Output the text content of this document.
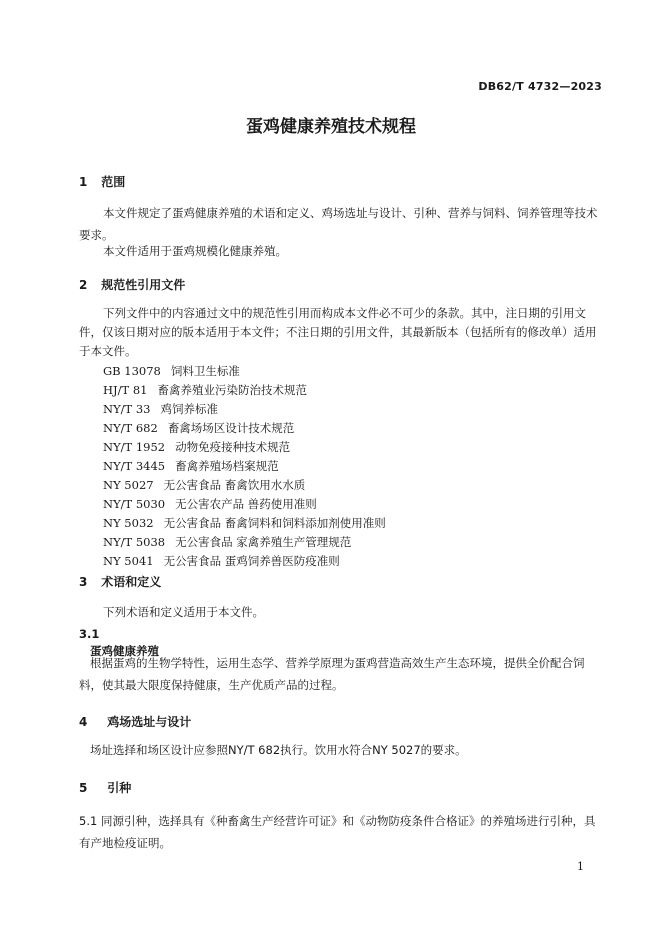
DB62/T 4732—2023
蛋鸡健康养殖技术规程
1 范围
本文件规定了蛋鸡健康养殖的术语和定义、鸡场选址与设计、引种、营养与饲料、饲养管理等技术要求。
本文件适用于蛋鸡规模化健康养殖。
2 规范性引用文件
下列文件中的内容通过文中的规范性引用而构成本文件必不可少的条款。其中，注日期的引用文件，仅该日期对应的版本适用于本文件；不注日期的引用文件，其最新版本（包括所有的修改单）适用于本文件。
GB 13078 饲料卫生标准
HJ/T 81 畜禽养殖业污染防治技术规范
NY/T 33 鸡饲养标准
NY/T 682 畜禽场场区设计技术规范
NY/T 1952 动物免疫接种技术规范
NY/T 3445 畜禽养殖场档案规范
NY 5027 无公害食品 畜禽饮用水水质
NY/T 5030 无公害农产品 兽药使用准则
NY 5032 无公害食品 畜禽饲料和饲料添加剂使用准则
NY/T 5038 无公害食品 家禽养殖生产管理规范
NY 5041 无公害食品 蛋鸡饲养兽医防疫准则
3 术语和定义
下列术语和定义适用于本文件。
3.1
蛋鸡健康养殖
根据蛋鸡的生物学特性，运用生态学、营养学原理为蛋鸡营造高效生产生态环境，提供全价配合饲料，使其最大限度保持健康，生产优质产品的过程。
4 鸡场选址与设计
场址选择和场区设计应参照NY/T 682执行。饮用水符合NY 5027的要求。
5 引种
5.1 同源引种，选择具有《种畜禽生产经营许可证》和《动物防疫条件合格证》的养殖场进行引种，具有产地检疫证明。
1
